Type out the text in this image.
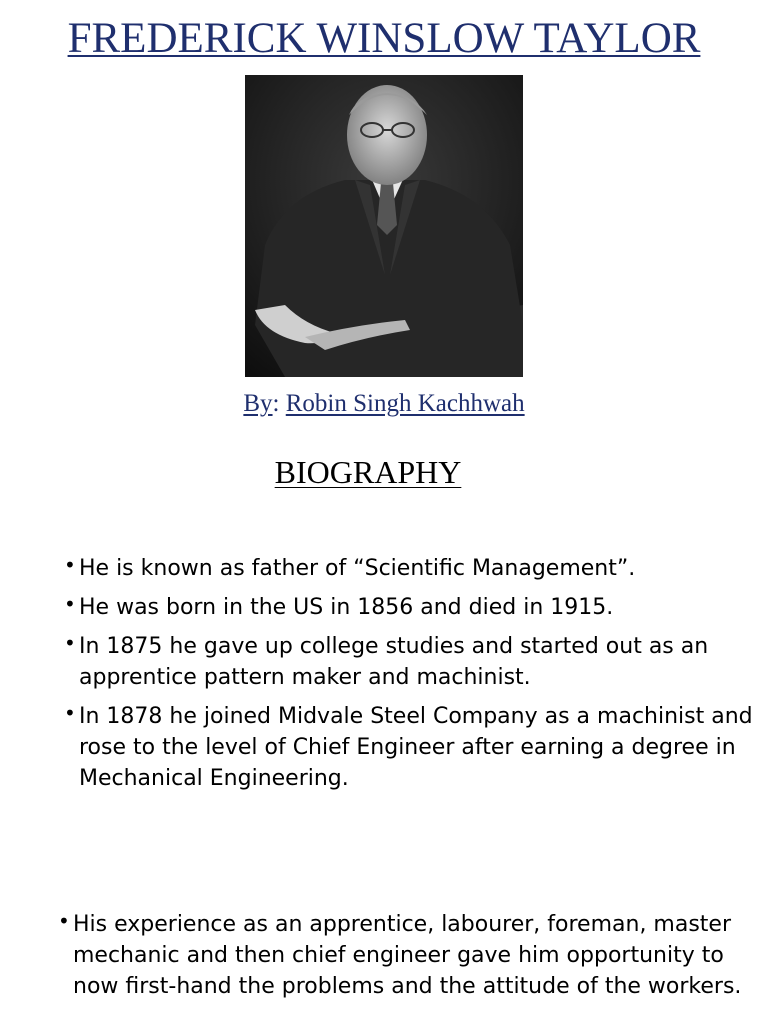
FREDERICK WINSLOW TAYLOR
By: Robin Singh Kachhwah
BIOGRAPHY
• He is known as father of “Scientific Management”.
• He was born in the US in 1856 and died in 1915.
• In 1875 he gave up college studies and started out as an apprentice pattern maker and machinist.
• In 1878 he joined Midvale Steel Company as a machinist and rose to the level of Chief Engineer after earning a degree in Mechanical Engineering.
• His experience as an apprentice, labourer, foreman, master mechanic and then chief engineer gave him opportunity to now first-hand the problems and the attitude of the workers.
